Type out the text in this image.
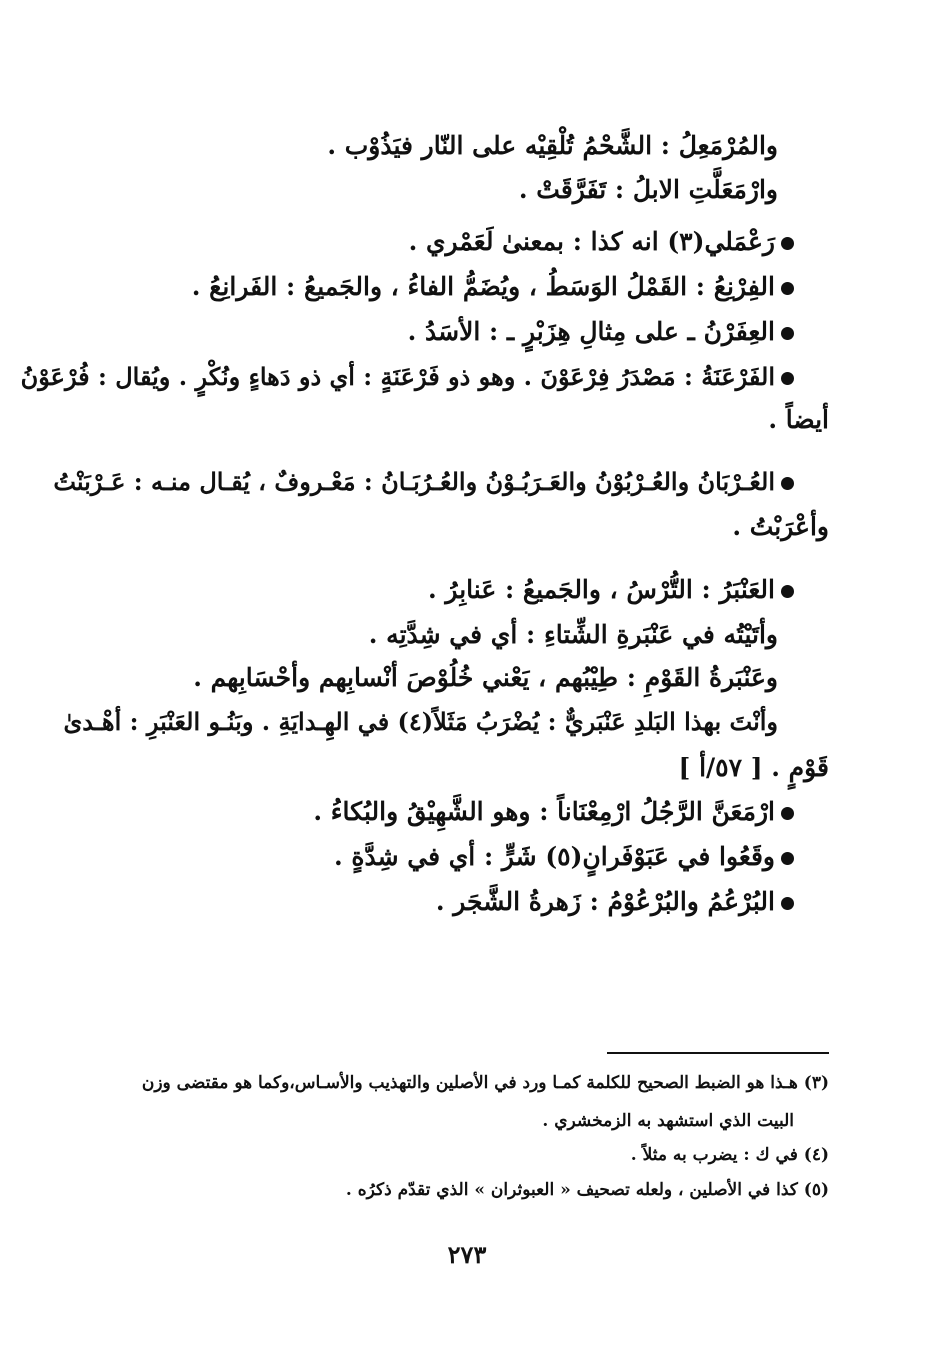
والمُرْمَعِلُ : الشَّحْمُ تُلْقِيْه على النّار فيَذُوْب .
وارْمَعَلَّتِ الابلُ : تَفَرَّقَتْ .
رَعْمَلي(٣) انه كذا : بمعنىٰ لَعَمْري .
الفِرْنِعُ : القَمْلُ الوَسَطُ ، ويُضَمُّ الفاءُ ، والجَميعُ : الفَرانِعُ .
العِفَرْنُ ـ على مِثالِ هِزَبْرٍ ـ : الأسَدُ .
الفَرْعَنَةُ : مَصْدَرُ فِرْعَوْنَ . وهو ذو فَرْعَنَةٍ : أي ذو دَهاءٍ ونُكْرٍ . ويُقال : فُرْعَوْنُ
أيضاً .
العُـرْبَانُ والعُـرْبُوْنُ والعَـرَبُـوْنُ والعُـرُبَـانُ : مَعْـروفٌ ، يُقـال منـه : عَـرْبَنْتُ
وأعْرَبْتُ .
العَنْبَرُ : التُّرْسُ ، والجَميعُ : عَنابِرُ .
وأتَيْتُه في عَنْبَرةِ الشِّتاءِ : أي في شِدَّتِه .
وعَنْبَرةُ القَوْمِ : طِيْبُهم ، يَعْني خُلُوْصَ أنْسابِهم وأحْسَابِهم .
وأنْتَ بهذا البَلدِ عَنْبَريٌّ : يُضْرَبُ مَثَلاً(٤) في الهِـدايَةِ . وبَنُـو العَنْبَرِ : أهْـدىٰ
قَوْمٍ . [ ٥٧/أ ]
ارْمَعَنَّ الرَّجُلُ ارْمِعْنَاناً : وهو الشَّهِيْقُ والبُكاءُ .
وقَعُوا في عَبَوْفَرانٍ(٥) شَرٍّ : أي في شِدَّةٍ .
البُرْعُمُ والبُرْعُوْمُ : زَهرةُ الشَّجَر .
(٣) هـذا هو الضبط الصحيح للكلمة كمـا ورد في الأصلين والتهذيب والأسـاس،وكما هو مقتضى وزن
البيت الذي استشهد به الزمخشري .
(٤) في ك : يضرب به مثلاً .
(٥) كذا في الأصلين ، ولعله تصحيف « العبوثران » الذي تقدّم ذكرُه .
٢٧٣
